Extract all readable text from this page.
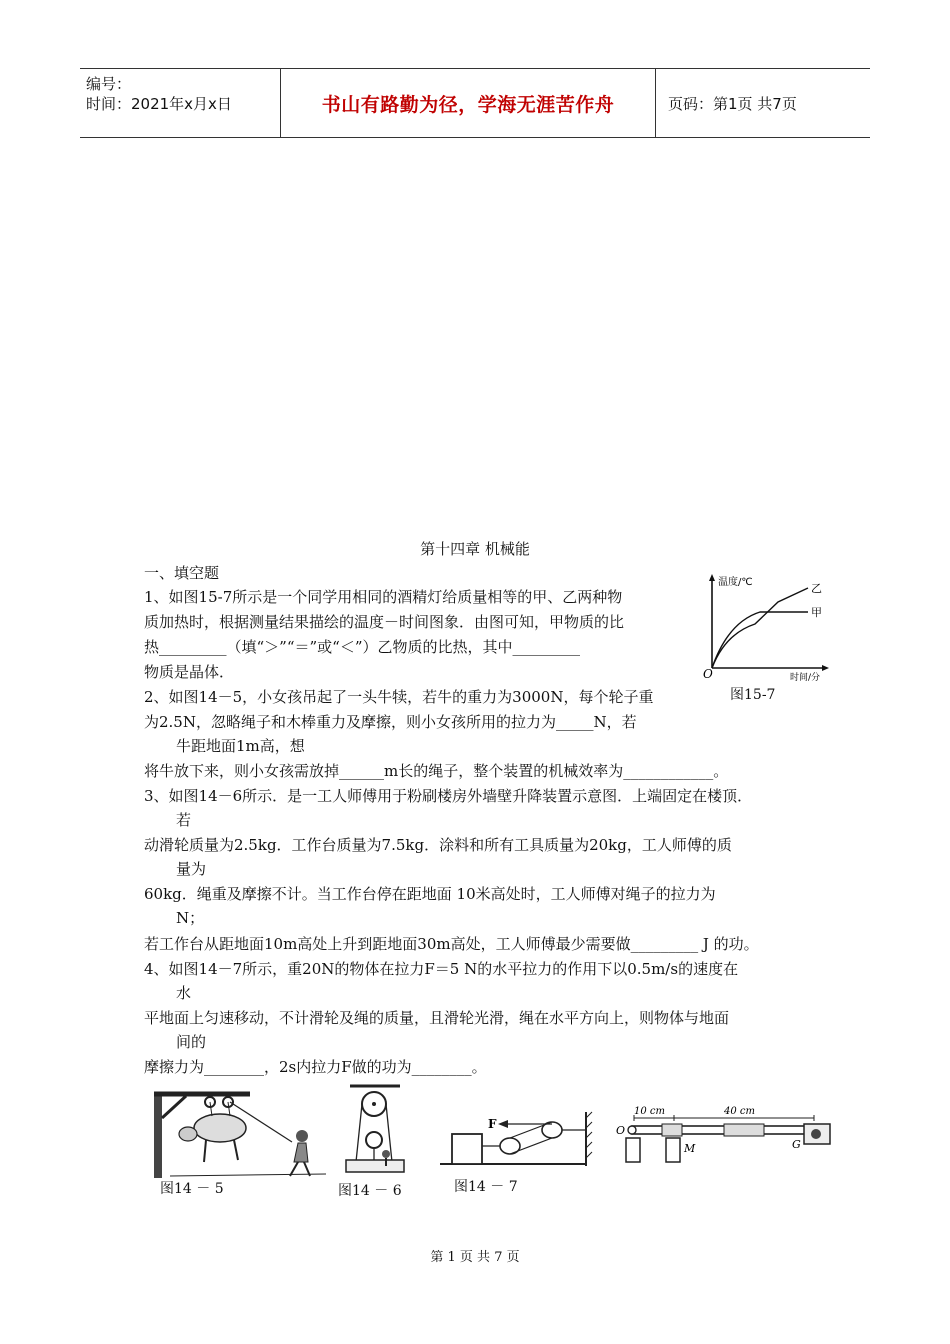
编号：
时间：2021年x月x日	书山有路勤为径，学海无涯苦作舟	页码：第1页 共7页
第十四章 机械能
一、填空题
1、如图15-7所示是一个同学用相同的酒精灯给质量相等的甲、乙两种物
质加热时，根据测量结果描绘的温度－时间图象．由图可知，甲物质的比
热_________（填“＞”“＝”或“＜”）乙物质的比热，其中_________
物质是晶体．
温度/℃
时间/分
O
乙
甲
图15-7
2、如图14－5，小女孩吊起了一头牛犊，若牛的重力为3000N，每个轮子重
为2.5N，忽略绳子和木棒重力及摩擦，则小女孩所用的拉力为_____N，若
牛距地面1m高，想
将牛放下来，则小女孩需放掉______m长的绳子，整个装置的机械效率为____________。
3、如图14－6所示．是一工人师傅用于粉刷楼房外墙壁升降装置示意图．上端固定在楼顶．
若
动滑轮质量为2.5kg．工作台质量为7.5kg．涂料和所有工具质量为20kg，工人师傅的质
量为
60kg．绳重及摩擦不计。当工作台停在距地面 10米高处时，工人师傅对绳子的拉力为
N；
若工作台从距地面10m高处上升到距地面30m高处，工人师傅最少需要做_________ J 的功。
4、如图14－7所示，重20N的物体在拉力F＝5 N的水平拉力的作用下以0.5m/s的速度在
水
平地面上匀速移动，不计滑轮及绳的质量，且滑轮光滑，绳在水平方向上，则物体与地面
间的
摩擦力为________，2s内拉力F做的功为________。
图14 － 5	图14 － 6
F
图14 － 7
10 cm	40 cm
O
M	G
第 1 页 共 7 页
